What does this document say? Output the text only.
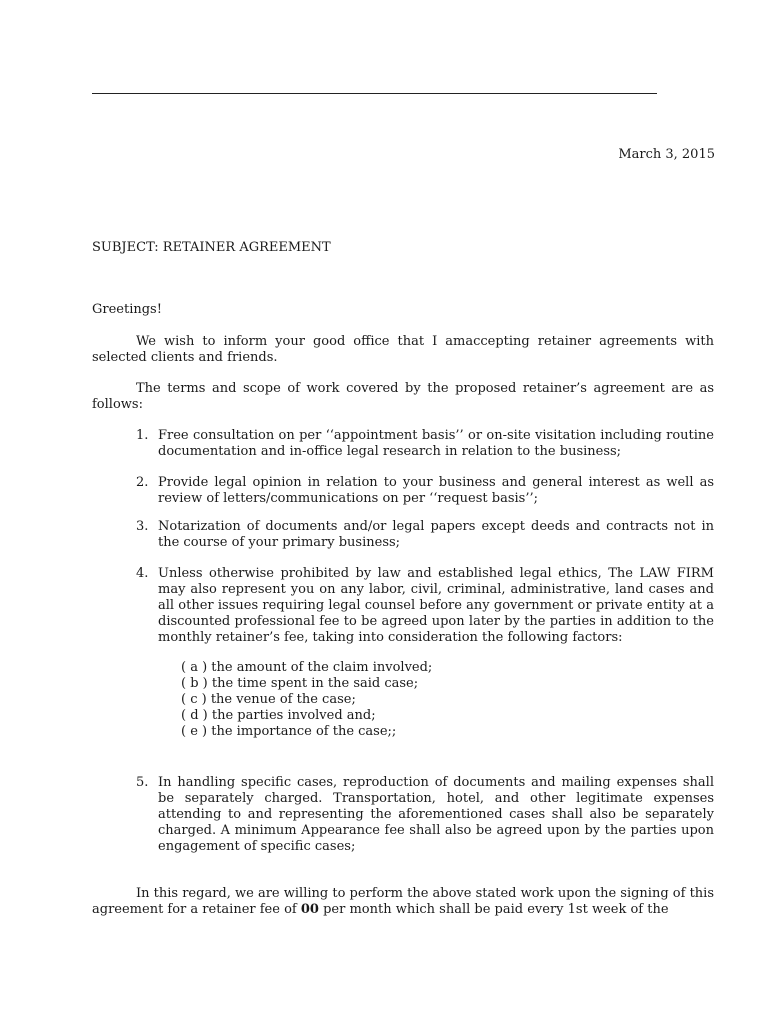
March 3, 2015
SUBJECT: RETAINER AGREEMENT
Greetings!
We wish to inform your good office that I amaccepting retainer agreements with selected clients and friends.
The terms and scope of work covered by the proposed retainer’s agreement are as follows:
1. Free consultation on per ‘‘appointment basis’’ or on-site visitation including routine documentation and in-office legal research in relation to the business;
2. Provide legal opinion in relation to your business and general interest as well as review of letters/communications on per ‘‘request basis’’;
3. Notarization of documents and/or legal papers except deeds and contracts not in the course of your primary business;
4. Unless otherwise prohibited by law and established legal ethics, The LAW FIRM may also represent you on any labor, civil, criminal, administrative, land cases and all other issues requiring legal counsel before any government or private entity at a discounted professional fee to be agreed upon later by the parties in addition to the monthly retainer’s fee, taking into consideration the following factors:
( a ) the amount of the claim involved;
( b ) the time spent in the said case;
( c ) the venue of the case;
( d ) the parties involved and;
( e ) the importance of the case;;
5. In handling specific cases, reproduction of documents and mailing expenses shall be separately charged. Transportation, hotel, and other legitimate expenses attending to and representing the aforementioned cases shall also be separately charged. A minimum Appearance fee shall also be agreed upon by the parties upon engagement of specific cases;
In this regard, we are willing to perform the above stated work upon the signing of this agreement for a retainer fee of 00 per month which shall be paid every 1st week of the
